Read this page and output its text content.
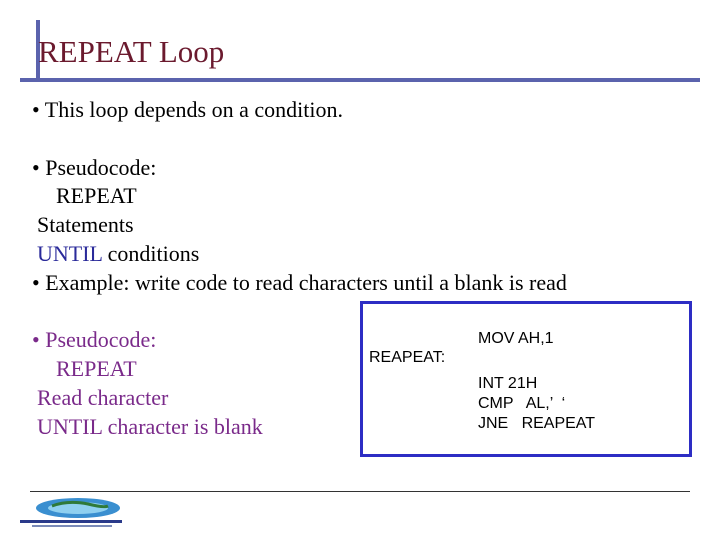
REPEAT Loop
• This loop depends on a condition.
• Pseudocode:
REPEAT
Statements
UNTIL conditions
• Example: write code to read characters until a blank is read
• Pseudocode:
REPEAT
Read character
UNTIL character is blank
REAPEAT:
MOV AH,1
INT 21H
CMP   AL,’  ‘
JNE   REAPEAT
